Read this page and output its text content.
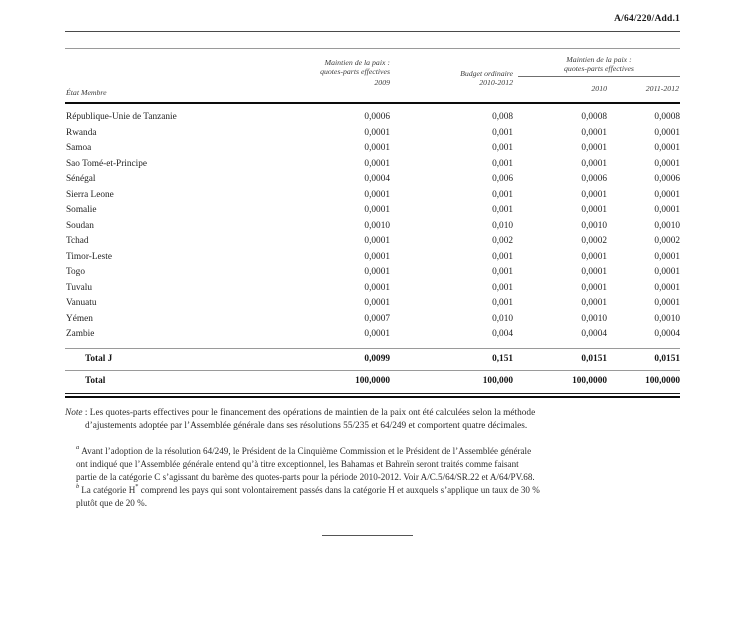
A/64/220/Add.1
Maintien de la paix :
quotes-parts effectives
2009
Budget ordinaire
2010-2012
Maintien de la paix :
quotes-parts effectives
2010	2011-2012
État Membre
République-Unie de Tanzanie	0,0006	0,008	0,0008	0,0008
Rwanda	0,0001	0,001	0,0001	0,0001
Samoa	0,0001	0,001	0,0001	0,0001
Sao Tomé-et-Principe	0,0001	0,001	0,0001	0,0001
Sénégal	0,0004	0,006	0,0006	0,0006
Sierra Leone	0,0001	0,001	0,0001	0,0001
Somalie	0,0001	0,001	0,0001	0,0001
Soudan	0,0010	0,010	0,0010	0,0010
Tchad	0,0001	0,002	0,0002	0,0002
Timor-Leste	0,0001	0,001	0,0001	0,0001
Togo	0,0001	0,001	0,0001	0,0001
Tuvalu	0,0001	0,001	0,0001	0,0001
Vanuatu	0,0001	0,001	0,0001	0,0001
Yémen	0,0007	0,010	0,0010	0,0010
Zambie	0,0001	0,004	0,0004	0,0004
Total J	0,0099	0,151	0,0151	0,0151
Total	100,0000	100,000	100,0000	100,0000
Note : Les quotes-parts effectives pour le financement des opérations de maintien de la paix ont été calculées selon la méthode
d’ajustements adoptée par l’Assemblée générale dans ses résolutions 55/235 et 64/249 et comportent quatre décimales.
$^a$ Avant l’adoption de la résolution 64/249, le Président de la Cinquième Commission et le Président de l’Assemblée générale
ont indiqué que l’Assemblée générale entend qu’à titre exceptionnel, les Bahamas et Bahreïn seront traités comme faisant
partie de la catégorie C s’agissant du barème des quotes-parts pour la période 2010-2012. Voir A/C.5/64/SR.22 et A/64/PV.68.
$^b$ La catégorie H* comprend les pays qui sont volontairement passés dans la catégorie H et auxquels s’applique un taux de 30 %
plutôt que de 20 %.
